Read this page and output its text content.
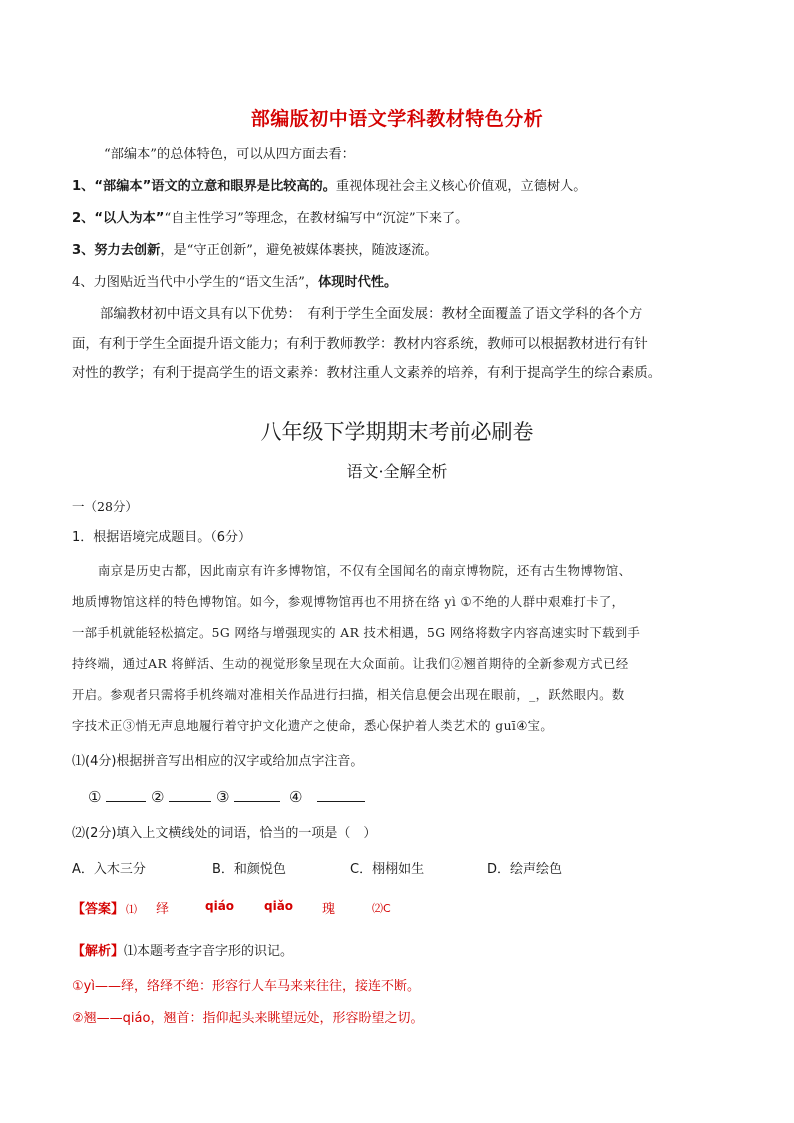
部编版初中语文学科教材特色分析
“部编本”的总体特色，可以从四方面去看：
1、“部编本”语文的立意和眼界是比较高的。重视体现社会主义核心价值观，立德树人。
2、“以人为本”“自主性学习”等理念，在教材编写中“沉淀”下来了。
3、努力去创新，是“守正创新”，避免被媒体裹挟，随波逐流。
4、力图贴近当代中小学生的“语文生活”，体现时代性。
部编教材初中语文具有以下优势：　有利于学生全面发展：教材全面覆盖了语文学科的各个方
面，有利于学生全面提升语文能力；有利于教师教学：教材内容系统，教师可以根据教材进行有针
对性的教学；有利于提高学生的语文素养：教材注重人文素养的培养，有利于提高学生的综合素质。
八年级下学期期末考前必刷卷
语文·全解全析
一（28分）
1．根据语境完成题目。（6分）
南京是历史古都，因此南京有许多博物馆，不仅有全国闻名的南京博物院，还有古生物博物馆、
地质博物馆这样的特色博物馆。如今，参观博物馆再也不用挤在络 yì ①不绝的人群中艰难打卡了，
一部手机就能轻松搞定。5G 网络与增强现实的 AR 技术相遇，5G 网络将数字内容高速实时下载到手
持终端，通过AR 将鲜活、生动的视觉形象呈现在大众面前。让我们②翘首期待的全新参观方式已经
开启。参观者只需将手机终端对准相关作品进行扫描，相关信息便会出现在眼前，_，跃然眼内。数
字技术正③悄无声息地履行着守护文化遗产之使命，悉心保护着人类艺术的 guī④宝。
⑴(4分)根据拼音写出相应的汉字或给加点字注音。
①	②	③	④
⑵(2分)填入上文横线处的词语，恰当的一项是（　）
A．入木三分	B．和颜悦色	C．栩栩如生	D．绘声绘色
【答案】 ⑴ 绎	qiáo qiǎo 瑰	⑵C
【解析】⑴本题考查字音字形的识记。
①yì——绎，络绎不绝：形容行人车马来来往往，接连不断。
②翘——qiáo，翘首：指仰起头来眺望远处，形容盼望之切。
